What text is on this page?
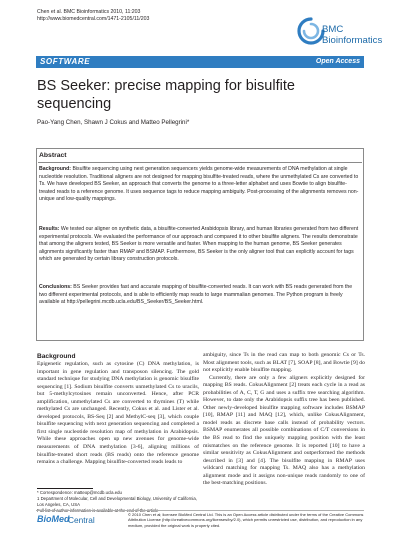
Chen et al. BMC Bioinformatics 2010, 11:203
http://www.biomedcentral.com/1471-2105/11/203
BMC
Bioinformatics
SOFTWARE	Open Access
BS Seeker: precise mapping for bisulfite
sequencing
Pao-Yang Chen, Shawn J Cokus and Matteo Pellegrini*
Abstract
Background: Bisulfite sequencing using next generation sequencers yields genome-wide measurements of DNA methylation at single nucleotide resolution. Traditional aligners are not designed for mapping bisulfite-treated reads, where the unmethylated Cs are converted to Ts. We have developed BS Seeker, an approach that converts the genome to a three-letter alphabet and uses Bowtie to align bisulfite-treated reads to a reference genome. It uses sequence tags to reduce mapping ambiguity. Post-processing of the alignments removes non-unique and low-quality mappings.
Results: We tested our aligner on synthetic data, a bisulfite-converted Arabidopsis library, and human libraries generated from two different experimental protocols. We evaluated the performance of our approach and compared it to other bisulfite aligners. The results demonstrate that among the aligners tested, BS Seeker is more versatile and faster. When mapping to the human genome, BS Seeker generates alignments significantly faster than RMAP and BSMAP. Furthermore, BS Seeker is the only aligner tool that can explicitly account for tags which are generated by certain library construction protocols.
Conclusions: BS Seeker provides fast and accurate mapping of bisulfite-converted reads. It can work with BS reads generated from the two different experimental protocols, and is able to efficiently map reads to large mammalian genomes. The Python program is freely available at http://pellegrini.mcdb.ucla.edu/BS_Seeker/BS_Seeker.html.
Background

Epigenetic regulation, such as cytosine (C) DNA methylation, is important in gene regulation and transposon silencing. The gold standard technique for studying DNA methylation is genomic bisulfite sequencing [1]. Sodium bisulfite converts unmethylated Cs to uracils, but 5-methylcytosines remain unconverted. Hence, after PCR amplification, unmethylated Cs are converted to thymines (T) while methylated Cs are unchanged. Recently, Cokus et al. and Lister et al. developed protocols, BS-Seq [2] and MethylC-seq [3], which couple bisulfite sequencing with next generation sequencing and completed a first single nucleotide resolution map of methylation in Arabidopsis. While these approaches open up new avenues for genome-wide measurements of DNA methylation [3-6], aligning millions of bisulfite-treated short reads (BS reads) onto the reference genome remains a challenge. Mapping bisulfite-converted reads leads to

ambiguity, since Ts in the read can map to both genomic Cs or Ts. Most alignment tools, such as BLAT [7], SOAP [8], and Bowtie [9] do not explicitly enable bisulfite mapping.

Currently, there are only a few aligners explicitly designed for mapping BS reads. CokusAlignment [2] treats each cycle in a read as probabilities of A, C, T, G and uses a suffix tree searching algorithm. However, to date only the Arabidopsis suffix tree has been published. Other newly-developed bisulfite mapping software includes BSMAP [10], RMAP [11] and MAQ [12], which, unlike CokusAlignment, model reads as discrete base calls instead of probability vectors. BSMAP enumerates all possible combinations of C/T conversions in the BS read to find the uniquely mapping position with the least mismatches on the reference genome. It is reported [10] to have a similar sensitivity as CokusAlignment and outperformed the methods described in [3] and [4]. The bisulfite mapping in RMAP uses wildcard matching for mapping Ts. MAQ also has a methylation alignment mode and it assigns non-unique reads randomly to one of the best-matching positions.

* Correspondence: matteop@mcdb.ucla.edu
1 Department of Molecular, Cell and Developmental Biology, University of California, Los Angeles, CA, USA
Full list of author information is available at the end of the article
BioMed
Central
© 2010 Chen et al; licensee BioMed Central Ltd. This is an Open Access article distributed under the terms of the Creative Commons Attribution License (http://creativecommons.org/licenses/by/2.0), which permits unrestricted use, distribution, and reproduction in any medium, provided the original work is properly cited.
